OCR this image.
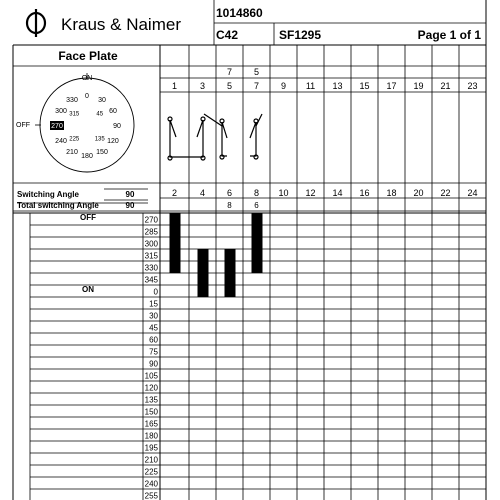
Kraus & Naimer
1014860
C42	SF1295	Page 1 of 1
Face Plate
ON
OFF
0
30
60
90
120
150
180
210
240
270
300
330
45
135
225
315
1	3 5 7 9 11 13 15 17 19 21 23
7 5
2	4 6 8 10 12 14 16 18 20 22 24
8	6
Switching Angle	90
Total switching Angle	90
270
285
300
315
330
345
0
15
30
45
60
75
90
105
120
135
150
165
180
195
210
225
240
255
OFF
ON
